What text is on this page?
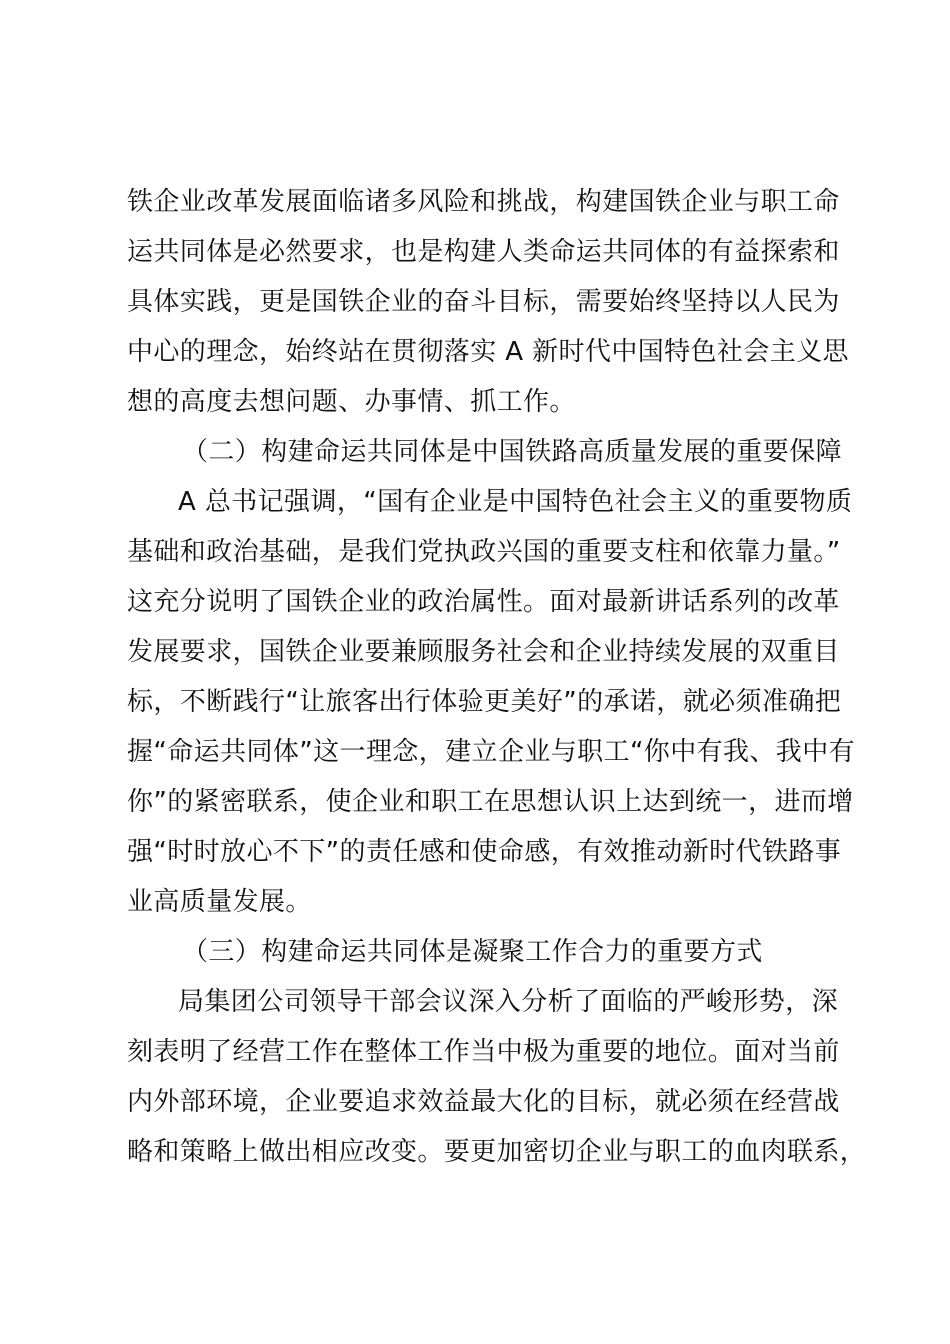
铁企业改革发展面临诸多风险和挑战，构建国铁企业与职工命
运共同体是必然要求，也是构建人类命运共同体的有益探索和
具体实践，更是国铁企业的奋斗目标，需要始终坚持以人民为
中心的理念，始终站在贯彻落实 A 新时代中国特色社会主义思
想的高度去想问题、办事情、抓工作。
（二）构建命运共同体是中国铁路高质量发展的重要保障
A 总书记强调，“国有企业是中国特色社会主义的重要物质
基础和政治基础，是我们党执政兴国的重要支柱和依靠力量。”
这充分说明了国铁企业的政治属性。面对最新讲话系列的改革
发展要求，国铁企业要兼顾服务社会和企业持续发展的双重目
标，不断践行“让旅客出行体验更美好”的承诺，就必须准确把
握“命运共同体”这一理念，建立企业与职工“你中有我、我中有
你”的紧密联系，使企业和职工在思想认识上达到统一，进而增
强“时时放心不下”的责任感和使命感，有效推动新时代铁路事
业高质量发展。
（三）构建命运共同体是凝聚工作合力的重要方式
局集团公司领导干部会议深入分析了面临的严峻形势，深
刻表明了经营工作在整体工作当中极为重要的地位。面对当前
内外部环境，企业要追求效益最大化的目标，就必须在经营战
略和策略上做出相应改变。要更加密切企业与职工的血肉联系，
